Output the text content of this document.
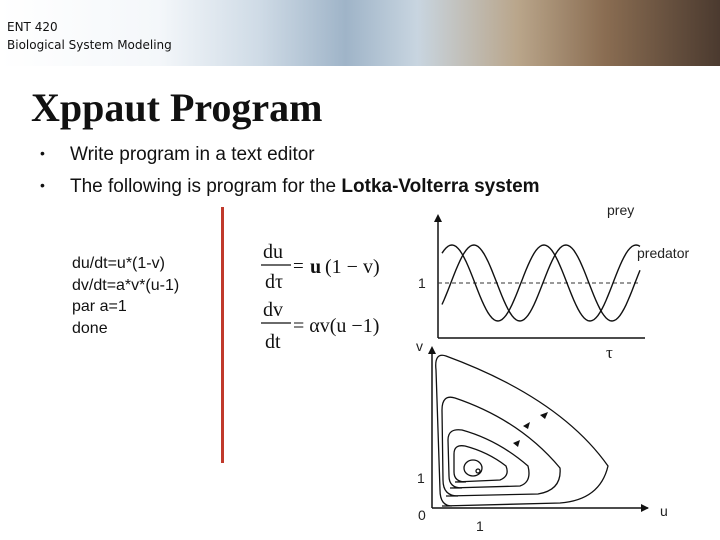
ENT 420
Biological System Modeling
Xppaut Program
• Write program in a text editor
• The following is program for the Lotka-Volterra system
du/dt=u*(1-v)
dv/dt=a*v*(u-1)
par a=1
done
du
dτ
= u (1 − v)
dv
dt
= αv(u −1)
prey
predator
1
τ
v
1
0
1
u
